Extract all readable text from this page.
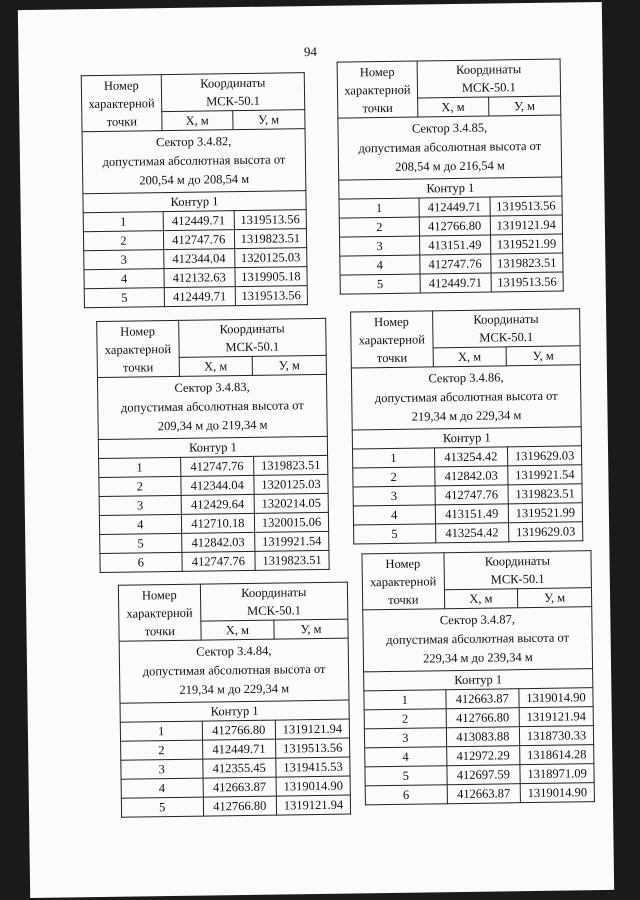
94
Номер
характерной
точки	Координаты
МСК-50.1	

	X, м	У, м
Сектор 3.4.82,
допустимая абсолютная высота от
200,54 м до 208,54 м		
Контур 1		
1	412449.71	1319513.56
2	412747.76	1319823.51
3	412344.04	1320125.03
4	412132.63	1319905.18
5	412449.71	1319513.56
Номер
характерной
точки	Координаты
МСК-50.1	

	X, м	У, м
Сектор 3.4.85,
допустимая абсолютная высота от
208,54 м до 216,54 м		
Контур 1		
1	412449.71	1319513.56
2	412766.80	1319121.94
3	413151.49	1319521.99
4	412747.76	1319823.51
5	412449.71	1319513.56
Номер
характерной
точки	Координаты
МСК-50.1	

	X, м	У, м
Сектор 3.4.83,
допустимая абсолютная высота от
209,34 м до 219,34 м		
Контур 1		
1	412747.76	1319823.51
2	412344.04	1320125.03
3	412429.64	1320214.05
4	412710.18	1320015.06
5	412842.03	1319921.54
6	412747.76	1319823.51
Номер
характерной
точки	Координаты
МСК-50.1	

	X, м	У, м
Сектор 3.4.86,
допустимая абсолютная высота от
219,34 м до 229,34 м		
Контур 1		
1	413254.42	1319629.03
2	412842.03	1319921.54
3	412747.76	1319823.51
4	413151.49	1319521.99
5	413254.42	1319629.03
Номер
характерной
точки	Координаты
МСК-50.1	

	X, м	У, м
Сектор 3.4.84,
допустимая абсолютная высота от
219,34 м до 229,34 м		
Контур 1		
1	412766.80	1319121.94
2	412449.71	1319513.56
3	412355.45	1319415.53
4	412663.87	1319014.90
5	412766.80	1319121.94
Номер
характерной
точки	Координаты
МСК-50.1	

	X, м	У, м
Сектор 3.4.87,
допустимая абсолютная высота от
229,34 м до 239,34 м		
Контур 1		
1	412663.87	1319014.90
2	412766.80	1319121.94
3	413083.88	1318730.33
4	412972.29	1318614.28
5	412697.59	1318971.09
6	412663.87	1319014.90
